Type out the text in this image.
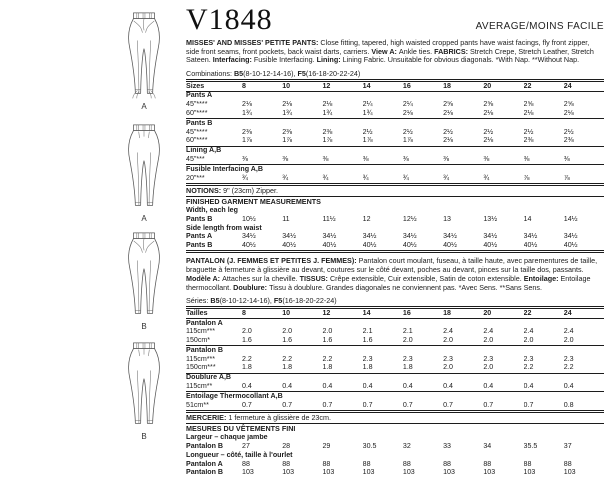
A
A
B
B
V1848	AVERAGE/MOINS FACILE

MISSES' AND MISSES' PETITE PANTS: Close fitting, tapered, high waisted cropped pants have waist facings, fly front zipper, side front seams, front pockets, back waist darts, carriers. View A: Ankle ties. FABRICS: Stretch Crepe, Stretch Leather, Stretch Sateen. Interfacing: Fusible Interfacing. Lining: Lining Fabric. Unsuitable for obvious diagonals. *With Nap. **Without Nap.

Combinations: B5(8-10-12-14-16), F5(16-18-20-22-24)
Sizes	8	10	12	14	16	18	20	22	24
Pants A									
45"****	2⅛	2⅛	2⅛	2¼	2¼	2⅝	2⅝	2⅝	2⅝
60"****	1¾	1¾	1¾	1¾	2⅛	2⅛	2⅛	2⅛	2⅛
Pants B									
45"****	2⅜	2⅜	2⅜	2½	2½	2½	2½	2½	2½
60"****	1⅞	1⅞	1⅞	1⅞	1⅞	2⅛	2⅛	2⅜	2⅜
Lining A,B									
45"***	⅜	⅜	⅜	⅜	⅜	⅜	⅜	⅜	⅜
Fusible Interfacing A,B									
20"***	¾	¾	¾	¾	¾	¾	¾	⅞	⅞
NOTIONS: 9" (23cm) Zipper.
FINISHED GARMENT MEASUREMENTS
Width, each leg									
Pants B	10½	11	11½	12	12½	13	13½	14	14½
Side length from waist									
Pants A	34½	34½	34½	34½	34½	34½	34½	34½	34½
Pants B	40½	40½	40½	40½	40½	40½	40½	40½	40½

PANTALON (J. FEMMES ET PETITES J. FEMMES): Pantalon court moulant, fuseau, à taille haute, avec parementures de taille, braguette à fermeture à glissière au devant, coutures sur le côté devant, poches au devant, pinces sur la taille dos, passants. Modèle A: Attaches sur la cheville. TISSUS: Crêpe extensible, Cuir extensible, Satin de coton extensible. Entoilage: Entoilage thermocollant. Doublure: Tissu à doublure. Grandes diagonales ne conviennent pas. *Avec Sens. **Sans Sens.

Séries: B5(8-10-12-14-16), F5(16-18-20-22-24)
Tailles	8	10	12	14	16	18	20	22	24
Pantalon A									
115cm***	2.0	2.0	2.0	2.1	2.1	2.4	2.4	2.4	2.4
150cm*	1.6	1.6	1.6	1.6	2.0	2.0	2.0	2.0	2.0
Pantalon B									
115cm***	2.2	2.2	2.2	2.3	2.3	2.3	2.3	2.3	2.3
150cm***	1.8	1.8	1.8	1.8	1.8	2.0	2.0	2.2	2.2
Doublure A,B									
115cm**	0.4	0.4	0.4	0.4	0.4	0.4	0.4	0.4	0.4
Entoilage Thermocollant A,B									
51cm**	0.7	0.7	0.7	0.7	0.7	0.7	0.7	0.7	0.8
MERCERIE: 1 fermeture à glissière de 23cm.
MESURES DU VÊTEMENTS FINI
Largeur – chaque jambe									
Pantalon B	27	28	29	30.5	32	33	34	35.5	37
Longueur – côté, taille à l'ourlet									
Pantalon A	88	88	88	88	88	88	88	88	88
Pantalon B	103	103	103	103	103	103	103	103	103
